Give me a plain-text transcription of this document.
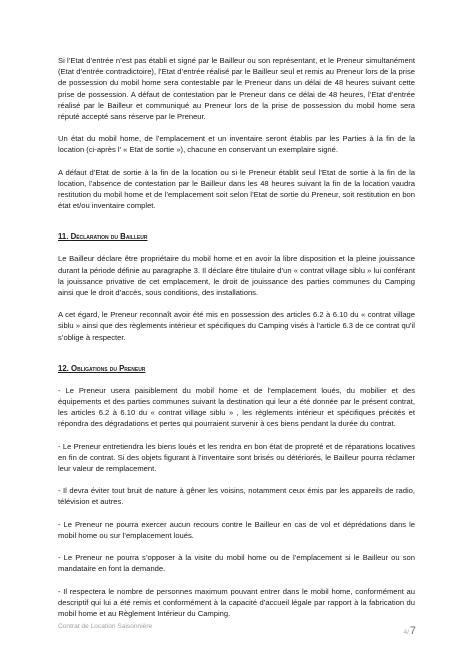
Si l’Etat d’entrée n’est pas établi et signé par le Bailleur ou son représentant, et le Preneur simultanément (Etat d’entrée contradictoire), l’Etat d’entrée réalisé par le Bailleur seul et remis au Preneur lors de la prise de possession du mobil home sera contestable par le Preneur dans un délai de 48 heures suivant cette prise de possession. A défaut de contestation par le Preneur dans ce délai de 48 heures, l’Etat d’entrée réalisé par le Bailleur et communiqué au Preneur lors de la prise de possession du mobil home sera réputé accepté sans réserve par le Preneur.

Un état du mobil home, de l’emplacement et un inventaire seront établis par les Parties à la fin de la location (ci-après l’ « Etat de sortie »), chacune en conservant un exemplaire signé.

A défaut d’Etat de sortie à la fin de la location ou si le Preneur établit seul l’Etat de sortie à la fin de la location, l’absence de contestation par le Bailleur dans les 48 heures suivant la fin de la location vaudra restitution du mobil home et de l’emplacement soit selon l’Etat de sortie du Preneur, soit restitution en bon état et/ou inventaire complet.

11. Déclaration du Bailleur

Le Bailleur déclare être propriétaire du mobil home et en avoir la libre disposition et la pleine jouissance durant la période définie au paragraphe 3. Il déclare être titulaire d’un « contrat village siblu » lui conférant la jouissance privative de cet emplacement, le droit de jouissance des parties communes du Camping ainsi que le droit d’accès, sous conditions, des installations.

A cet égard, le Preneur reconnaît avoir été mis en possession des articles 6.2 à 6.10 du « contrat village siblu » ainsi que des règlements intérieur et spécifiques du Camping visés à l’article 6.3 de ce contrat qu’il s’oblige à respecter.

12. Obligations du Preneur

- Le Preneur usera paisiblement du mobil home et de l’emplacement loués, du mobilier et des équipements et des parties communes suivant la destination qui leur a été donnée par le présent contrat, les articles 6.2 à 6.10 du « contrat village siblu » , les règlements intérieur et spécifiques précités et répondra des dégradations et pertes qui pourraient survenir à ces biens pendant la durée du contrat.

- Le Preneur entretiendra les biens loués et les rendra en bon état de propreté et de réparations locatives en fin de contrat. Si des objets figurant à l’inventaire sont brisés ou détériorés, le Bailleur pourra réclamer leur valeur de remplacement.

- Il devra éviter tout bruit de nature à gêner les voisins, notamment ceux émis par les appareils de radio, télévision et autres.

- Le Preneur ne pourra exercer aucun recours contre le Bailleur en cas de vol et déprédations dans le mobil home ou sur l’emplacement loués.

- Le Preneur ne pourra s’opposer à la visite du mobil home ou de l’emplacement si le Bailleur ou son mandataire en font la demande.

- Il respectera le nombre de personnes maximum pouvant entrer dans le mobil home, conformément au descriptif qui lui a été remis et conformément à la capacité d’accueil légale par rapport à la fabrication du mobil home et au Règlement Intérieur du Camping.

Contrat de Location Saisonnière
4/7
